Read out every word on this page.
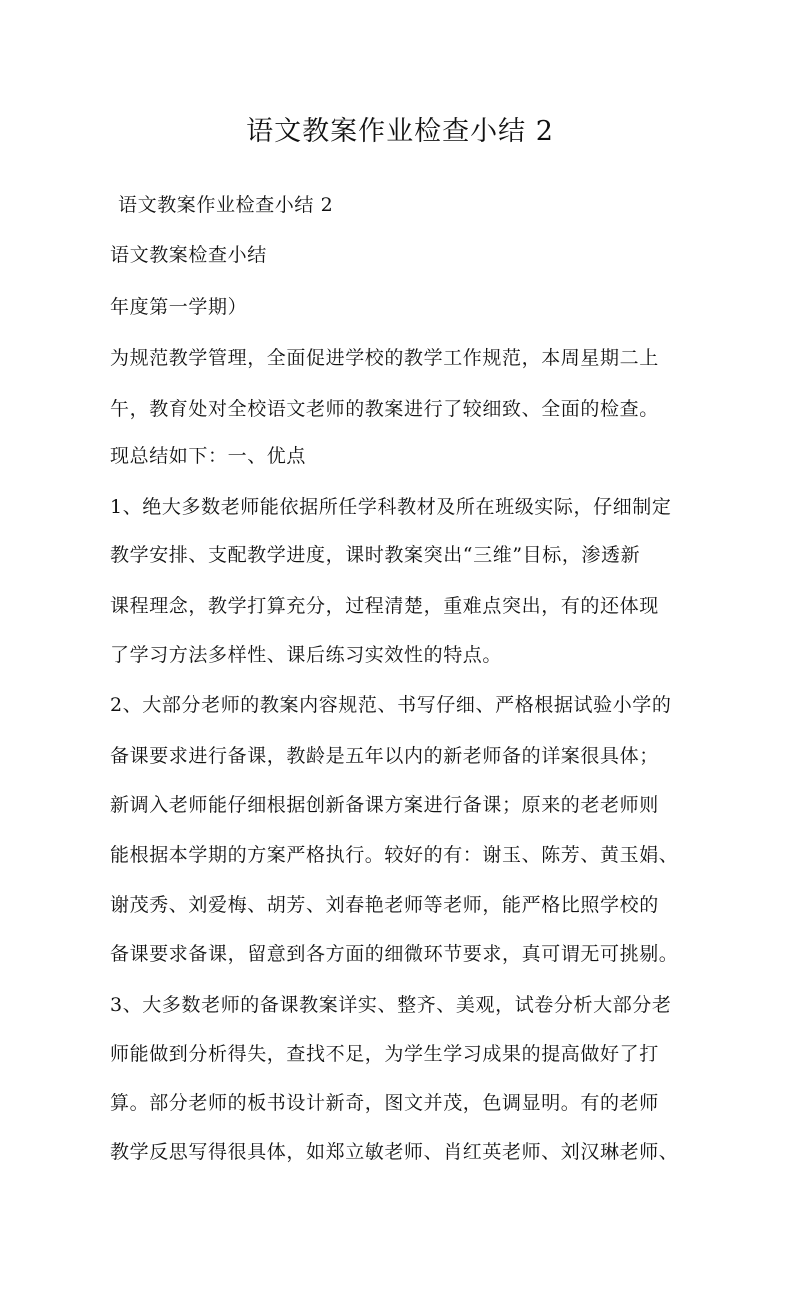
语文教案作业检查小结 2

语文教案作业检查小结 2

语文教案检查小结

年度第一学期）

为规范教学管理，全面促进学校的教学工作规范，本周星期二上

午，教育处对全校语文老师的教案进行了较细致、全面的检查。

现总结如下：一、优点

1、绝大多数老师能依据所任学科教材及所在班级实际，仔细制定

教学安排、支配教学进度，课时教案突出“三维”目标，渗透新

课程理念，教学打算充分，过程清楚，重难点突出，有的还体现

了学习方法多样性、课后练习实效性的特点。

2、大部分老师的教案内容规范、书写仔细、严格根据试验小学的

备课要求进行备课，教龄是五年以内的新老师备的详案很具体；

新调入老师能仔细根据创新备课方案进行备课；原来的老老师则

能根据本学期的方案严格执行。较好的有：谢玉、陈芳、黄玉娟、

谢茂秀、刘爱梅、胡芳、刘春艳老师等老师，能严格比照学校的

备课要求备课，留意到各方面的细微环节要求，真可谓无可挑剔。

3、大多数老师的备课教案详实、整齐、美观，试卷分析大部分老

师能做到分析得失，查找不足，为学生学习成果的提高做好了打

算。部分老师的板书设计新奇，图文并茂，色调显明。有的老师

教学反思写得很具体，如郑立敏老师、肖红英老师、刘汉琳老师、
